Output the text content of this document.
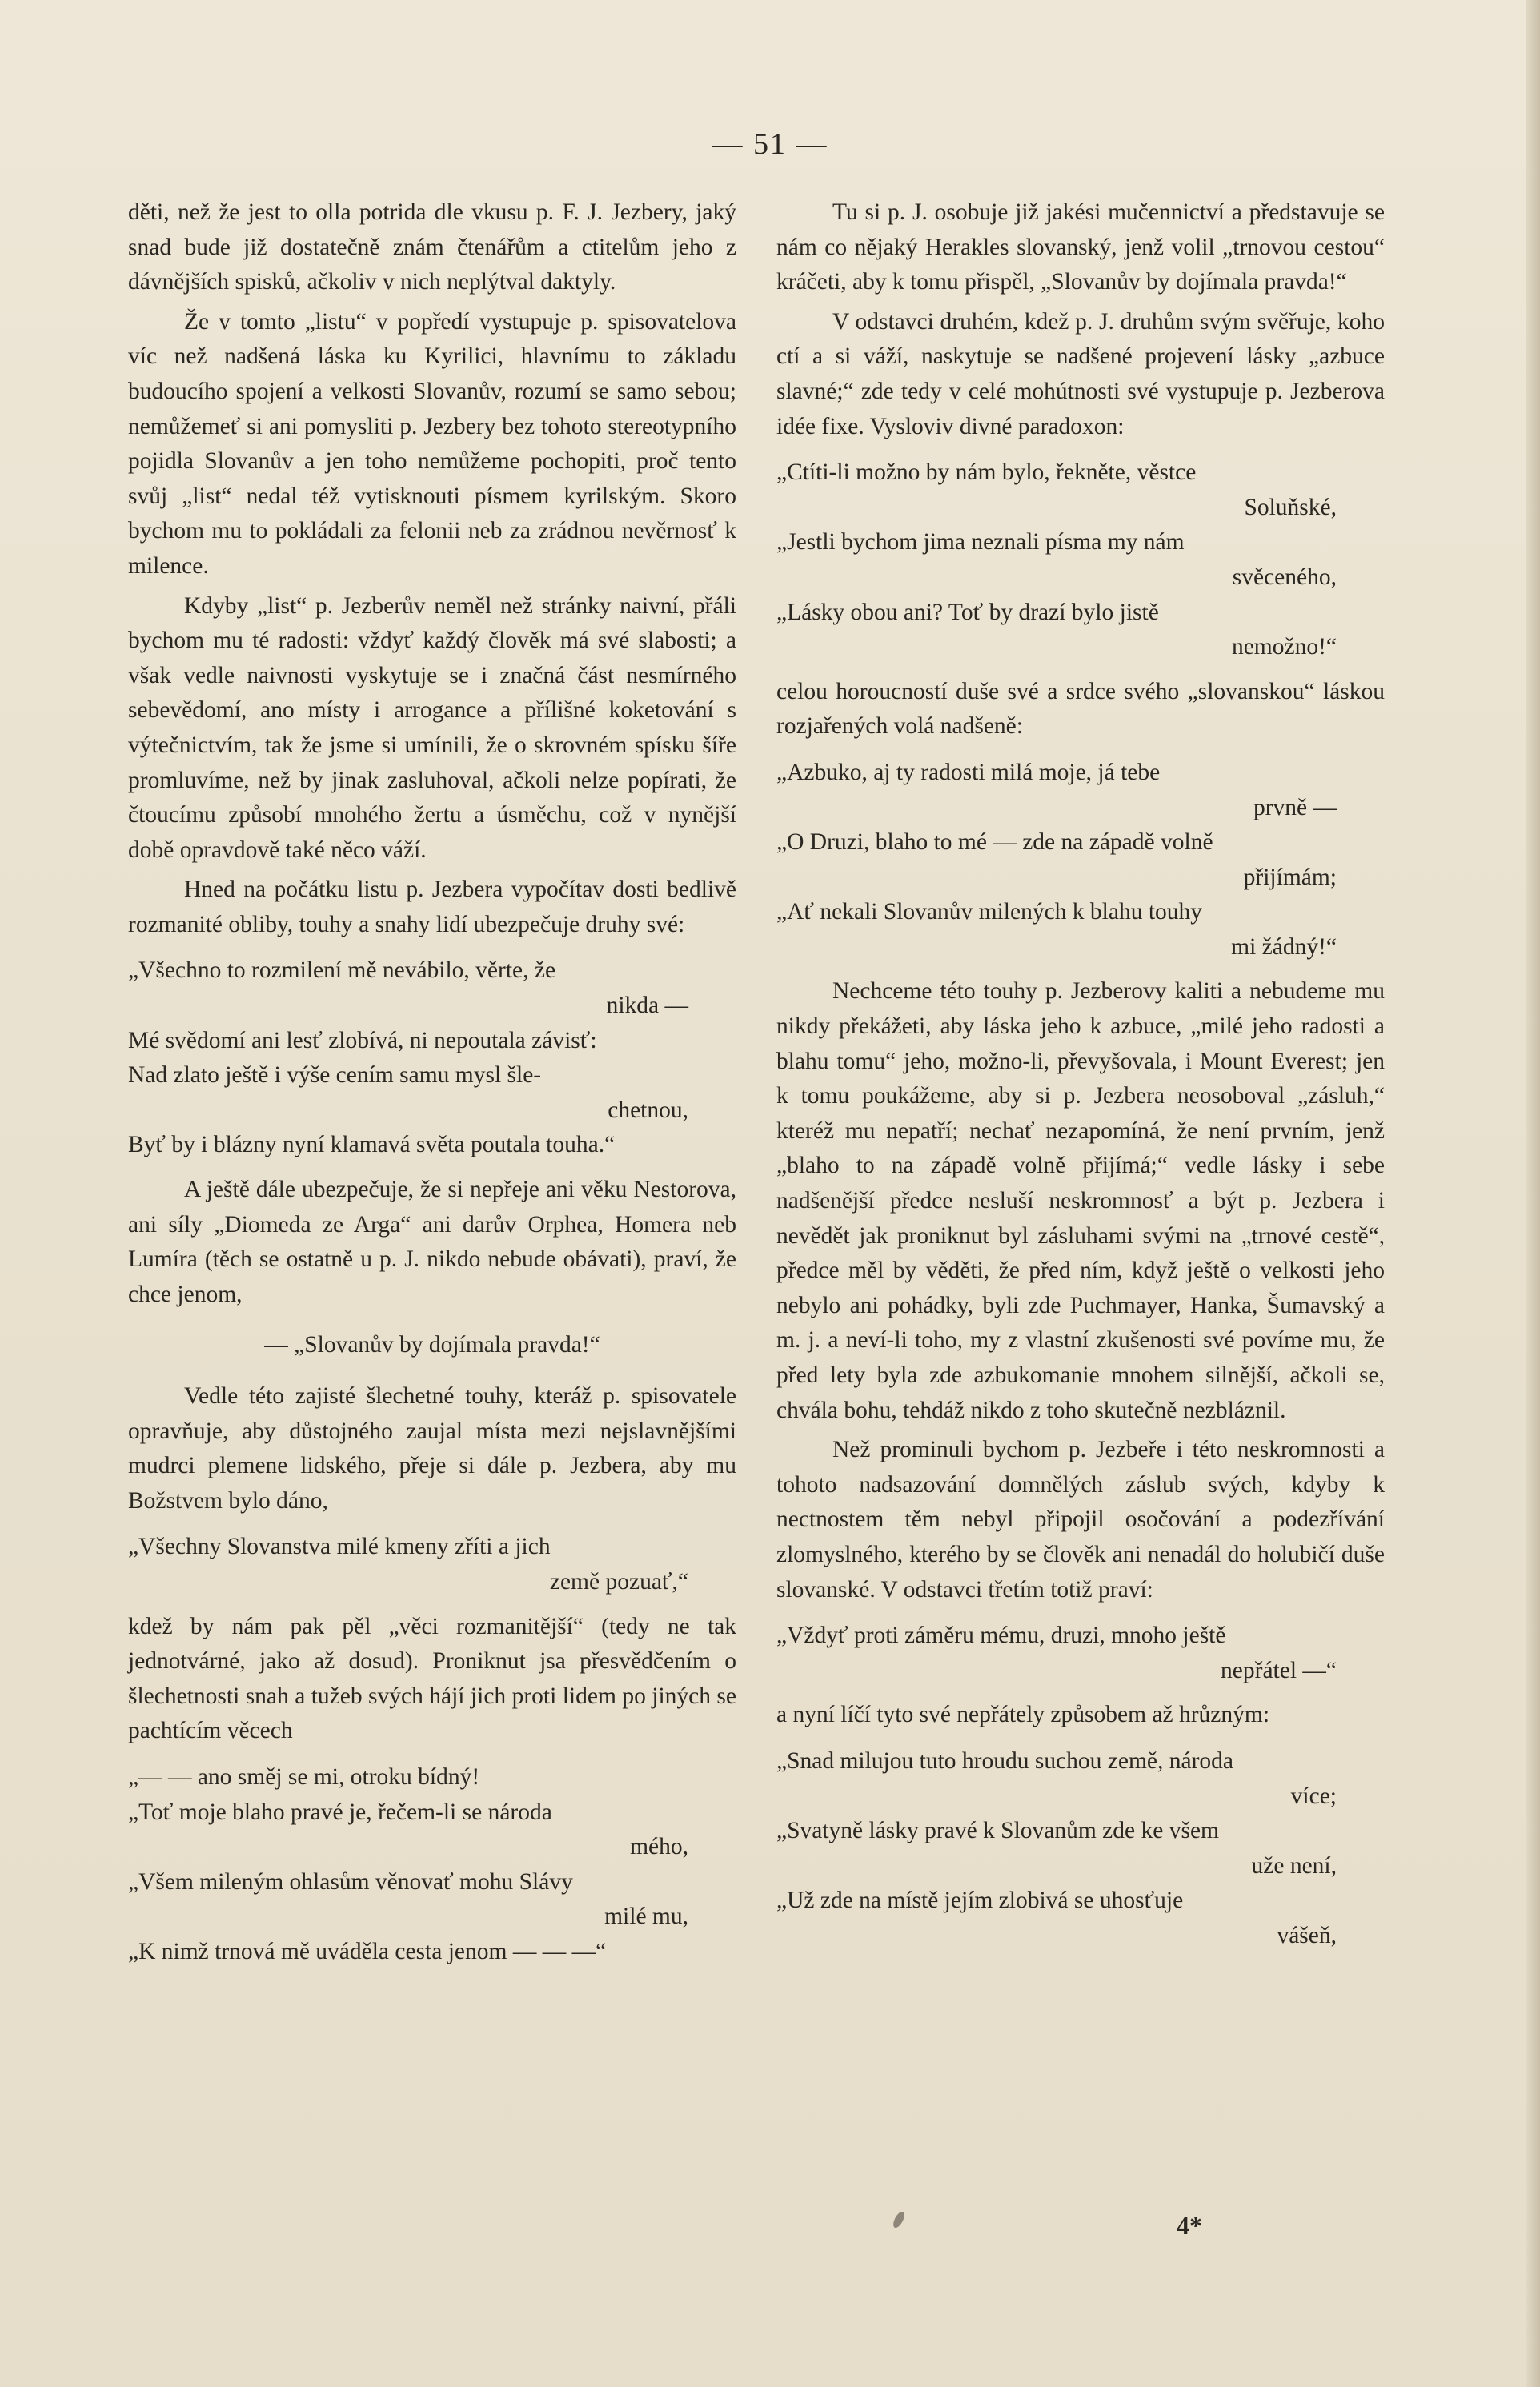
— 51 —

děti, než že jest to olla potrida dle vkusu p. F. J. Jezbery, jaký snad bude již dostatečně znám čtenářům a ctitelům jeho z dávnějších spisků, ačkoliv v nich neplýtval daktyly.

Že v tomto „listu“ v popředí vystupuje p. spisovatelova víc než nadšená láska ku Kyrilici, hlavnímu to základu budoucího spojení a velkosti Slovanův, rozumí se samo sebou; nemůžemeť si ani pomysliti p. Jezbery bez tohoto stereotypního pojidla Slovanův a jen toho nemůžeme pochopiti, proč tento svůj „list“ nedal též vytisknouti písmem kyrilským. Skoro bychom mu to pokládali za felonii neb za zrádnou nevěrnosť k milence.

Kdyby „list“ p. Jezberův neměl než stránky naivní, přáli bychom mu té radosti: vždyť každý člověk má své slabosti; a však vedle naivnosti vyskytuje se i značná část nesmírného sebevědomí, ano místy i arrogance a přílišné koketování s výtečnictvím, tak že jsme si umínili, že o skrovném spísku šíře promluvíme, než by jinak zasluhoval, ačkoli nelze popírati, že čtoucímu způsobí mnohého žertu a úsměchu, což v nynější době opravdově také něco váží.

Hned na počátku listu p. Jezbera vypočítav dosti bedlivě rozmanité obliby, touhy a snahy lidí ubezpečuje druhy své:

„Všechno to rozmilení mě nevábilo, věrte, že
nikda —
Mé svědomí ani lesť zlobívá, ni nepoutala závisť:
Nad zlato ještě i výše cením samu mysl šle-
chetnou,
Byť by i blázny nyní klamavá světa poutala touha.“

A ještě dále ubezpečuje, že si nepřeje ani věku Nestorova, ani síly „Diomeda ze Arga“ ani darův Orphea, Homera neb Lumíra (těch se ostatně u p. J. nikdo nebude obávati), praví, že chce jenom,

— „Slovanův by dojímala pravda!“

Vedle této zajisté šlechetné touhy, kteráž p. spisovatele opravňuje, aby důstojného zaujal místa mezi nejslavnějšími mudrci plemene lidského, přeje si dále p. Jezbera, aby mu Božstvem bylo dáno,

„Všechny Slovanstva milé kmeny zříti a jich
země pozuať,“

kdež by nám pak pěl „věci rozmanitější“ (tedy ne tak jednotvárné, jako až dosud). Proniknut jsa přesvědčením o šlechetnosti snah a tužeb svých hájí jich proti lidem po jiných se pachtícím věcech

„— — ano směj se mi, otroku bídný!
„Toť moje blaho pravé je, řečem-li se národa
mého,
„Všem mileným ohlasům věnovať mohu Slávy
milé mu,
„K nimž trnová mě uváděla cesta jenom — — —“

Tu si p. J. osobuje již jakési mučennictví a představuje se nám co nějaký Herakles slovanský, jenž volil „trnovou cestou“ kráčeti, aby k tomu přispěl, „Slovanův by dojímala pravda!“

V odstavci druhém, kdež p. J. druhům svým svěřuje, koho ctí a si váží, naskytuje se nadšené projevení lásky „azbuce slavné;“ zde tedy v celé mohútnosti své vystupuje p. Jezberova idée fixe. Vysloviv divné paradoxon:

„Ctíti-li možno by nám bylo, řekněte, věstce
Soluňské,
„Jestli bychom jima neznali písma my nám
svěceného,
„Lásky obou ani? Toť by drazí bylo jistě
nemožno!“

celou horoucností duše své a srdce svého „slovanskou“ láskou rozjařených volá nadšeně:

„Azbuko, aj ty radosti milá moje, já tebe
prvně —
„O Druzi, blaho to mé — zde na západě volně
přijímám;
„Ať nekali Slovanův milených k blahu touhy
mi žádný!“

Nechceme této touhy p. Jezberovy kaliti a nebudeme mu nikdy překážeti, aby láska jeho k azbuce, „milé jeho radosti a blahu tomu“ jeho, možno-li, převyšovala, i Mount Everest; jen k tomu poukážeme, aby si p. Jezbera neosoboval „zásluh,“ kteréž mu nepatří; nechať nezapomíná, že není prvním, jenž „blaho to na západě volně přijímá;“ vedle lásky i sebe nadšenější předce nesluší neskromnosť a být p. Jezbera i nevědět jak proniknut byl zásluhami svými na „trnové cestě“, předce měl by věděti, že před ním, když ještě o velkosti jeho nebylo ani pohádky, byli zde Puchmayer, Hanka, Šumavský a m. j. a neví-li toho, my z vlastní zkušenosti své povíme mu, že před lety byla zde azbukomanie mnohem silnější, ačkoli se, chvála bohu, tehdáž nikdo z toho skutečně nezbláznil.

Než prominuli bychom p. Jezbeře i této neskromnosti a tohoto nadsazování domnělých záslub svých, kdyby k nectnostem těm nebyl připojil osočování a podezřívání zlomyslného, kterého by se člověk ani nenadál do holubičí duše slovanské. V odstavci třetím totiž praví:

„Vždyť proti záměru mému, druzi, mnoho ještě
nepřátel —“

a nyní líčí tyto své nepřátely způsobem až hrůzným:

„Snad milujou tuto hroudu suchou země, národa
více;
„Svatyně lásky pravé k Slovanům zde ke všem
uže není,
„Už zde na místě jejím zlobivá se uhosťuje
vášeň,
4*
